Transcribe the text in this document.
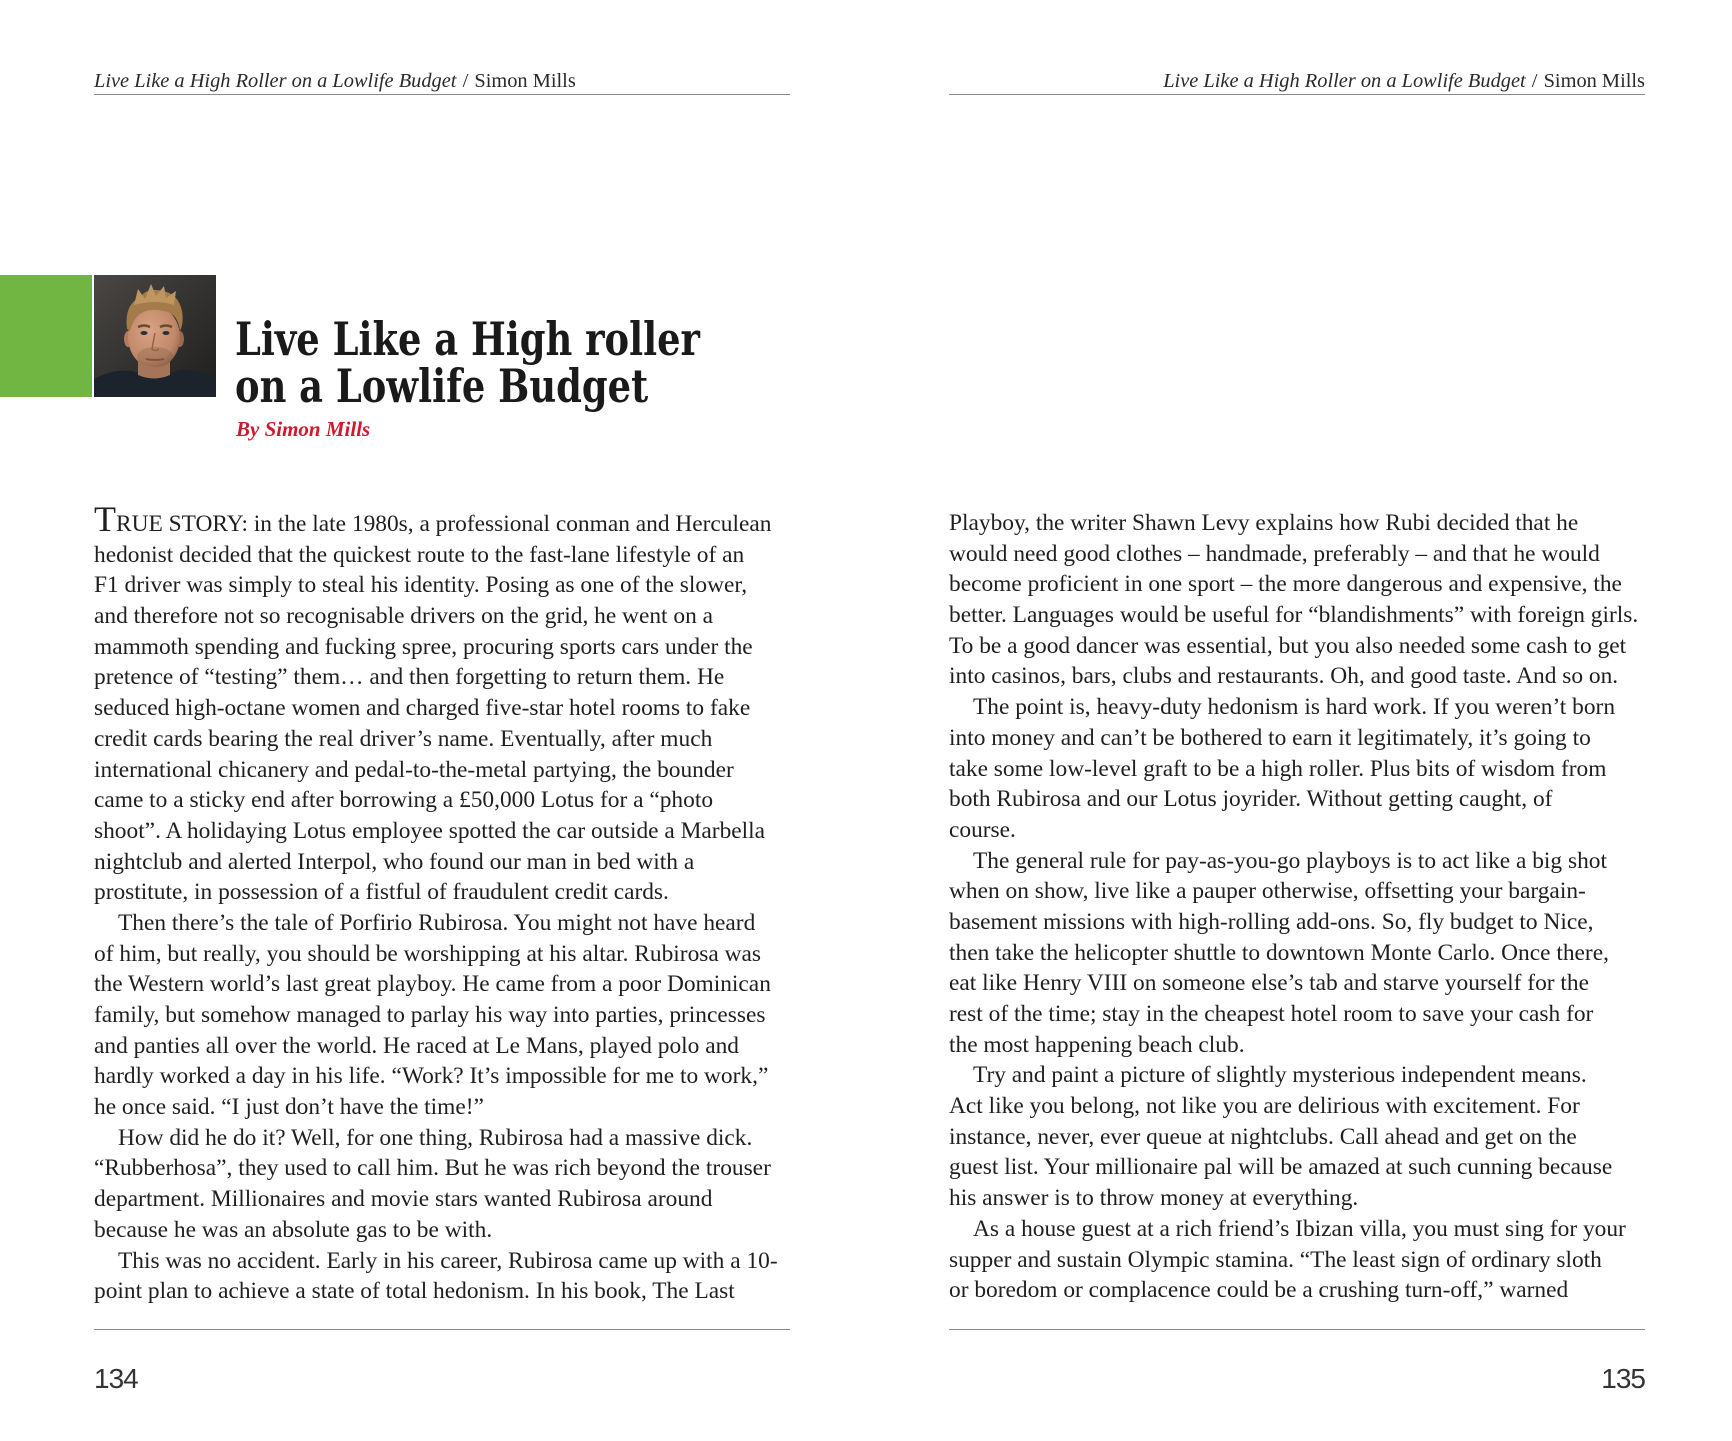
Live Like a High Roller on a Lowlife Budget / Simon Mills
Live Like a High roller
on a Lowlife Budget
By Simon Mills
TRUE STORY: in the late 1980s, a professional conman and Herculean
hedonist decided that the quickest route to the fast-lane lifestyle of an
F1 driver was simply to steal his identity. Posing as one of the slower,
and therefore not so recognisable drivers on the grid, he went on a
mammoth spending and fucking spree, procuring sports cars under the
pretence of “testing” them… and then forgetting to return them. He
seduced high-octane women and charged five-star hotel rooms to fake
credit cards bearing the real driver’s name. Eventually, after much
international chicanery and pedal-to-the-metal partying, the bounder
came to a sticky end after borrowing a £50,000 Lotus for a “photo
shoot”. A holidaying Lotus employee spotted the car outside a Marbella
nightclub and alerted Interpol, who found our man in bed with a
prostitute, in possession of a fistful of fraudulent credit cards.
Then there’s the tale of Porfirio Rubirosa. You might not have heard
of him, but really, you should be worshipping at his altar. Rubirosa was
the Western world’s last great playboy. He came from a poor Dominican
family, but somehow managed to parlay his way into parties, princesses
and panties all over the world. He raced at Le Mans, played polo and
hardly worked a day in his life. “Work? It’s impossible for me to work,”
he once said. “I just don’t have the time!”
How did he do it? Well, for one thing, Rubirosa had a massive dick.
“Rubberhosa”, they used to call him. But he was rich beyond the trouser
department. Millionaires and movie stars wanted Rubirosa around
because he was an absolute gas to be with.
This was no accident. Early in his career, Rubirosa came up with a 10-
point plan to achieve a state of total hedonism. In his book, The Last
134
Live Like a High Roller on a Lowlife Budget / Simon Mills
Playboy, the writer Shawn Levy explains how Rubi decided that he
would need good clothes – handmade, preferably – and that he would
become proficient in one sport – the more dangerous and expensive, the
better. Languages would be useful for “blandishments” with foreign girls.
To be a good dancer was essential, but you also needed some cash to get
into casinos, bars, clubs and restaurants. Oh, and good taste. And so on.
The point is, heavy-duty hedonism is hard work. If you weren’t born
into money and can’t be bothered to earn it legitimately, it’s going to
take some low-level graft to be a high roller. Plus bits of wisdom from
both Rubirosa and our Lotus joyrider. Without getting caught, of
course.
The general rule for pay-as-you-go playboys is to act like a big shot
when on show, live like a pauper otherwise, offsetting your bargain-
basement missions with high-rolling add-ons. So, fly budget to Nice,
then take the helicopter shuttle to downtown Monte Carlo. Once there,
eat like Henry VIII on someone else’s tab and starve yourself for the
rest of the time; stay in the cheapest hotel room to save your cash for
the most happening beach club.
Try and paint a picture of slightly mysterious independent means.
Act like you belong, not like you are delirious with excitement. For
instance, never, ever queue at nightclubs. Call ahead and get on the
guest list. Your millionaire pal will be amazed at such cunning because
his answer is to throw money at everything.
As a house guest at a rich friend’s Ibizan villa, you must sing for your
supper and sustain Olympic stamina. “The least sign of ordinary sloth
or boredom or complacence could be a crushing turn-off,” warned
135
